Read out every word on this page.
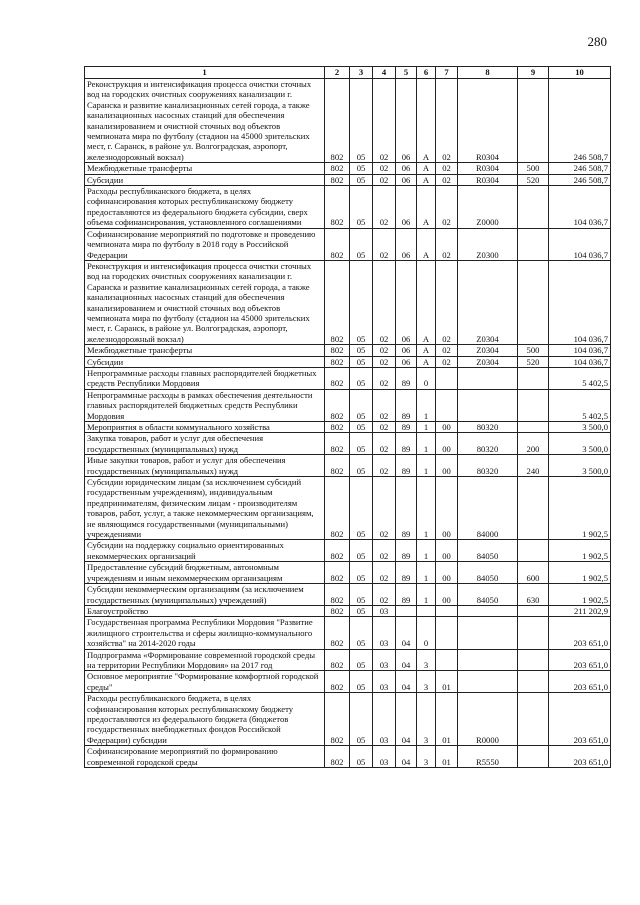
280
1	2	3	4	5	6	7	8	9	10
Реконструкция и интенсификация процесса очистки сточных вод на городских очистных сооружениях канализации г. Саранска и развитие канализационных сетей города, а также канализационных насосных станций для обеспечения канализированием и очистной сточных вод объектов чемпионата мира по футболу (стадион на 45000 зрительских мест, г. Саранск, в районе ул. Волгоградская, аэропорт, железнодорожный вокзал)	802	05	02	06	А	02	R0304		246 508,7
Межбюджетные трансферты	802	05	02	06	А	02	R0304	500	246 508,7
Субсидии	802	05	02	06	А	02	R0304	520	246 508,7
Расходы республиканского бюджета, в целях софинансирования которых республиканскому бюджету предоставляются из федерального бюджета субсидии, сверх объема софинансирования, установленного соглашениями	802	05	02	06	А	02	Z0000		104 036,7
Софинансирование мероприятий по подготовке и проведению чемпионата мира по футболу в 2018 году в Российской Федерации	802	05	02	06	А	02	Z0300		104 036,7
Реконструкция и интенсификация процесса очистки сточных вод на городских очистных сооружениях канализации г. Саранска и развитие канализационных сетей города, а также канализационных насосных станций для обеспечения канализированием и очистной сточных вод объектов чемпионата мира по футболу (стадион на 45000 зрительских мест, г. Саранск, в районе ул. Волгоградская, аэропорт, железнодорожный вокзал)	802	05	02	06	А	02	Z0304		104 036,7
Межбюджетные трансферты	802	05	02	06	А	02	Z0304	500	104 036,7
Субсидии	802	05	02	06	А	02	Z0304	520	104 036,7
Непрограммные расходы главных распорядителей бюджетных средств Республики Мордовия	802	05	02	89	0				5 402,5
Непрограммные расходы в рамках обеспечения деятельности главных распорядителей бюджетных средств Республики Мордовия	802	05	02	89	1				5 402,5
Мероприятия в области коммунального хозяйства	802	05	02	89	1	00	80320		3 500,0
Закупка товаров, работ и услуг для обеспечения государственных (муниципальных) нужд	802	05	02	89	1	00	80320	200	3 500,0
Иные закупки товаров, работ и услуг для обеспечения государственных (муниципальных) нужд	802	05	02	89	1	00	80320	240	3 500,0
Субсидии юридическим лицам (за исключением субсидий государственным учреждениям), индивидуальным предпринимателям, физическим лицам - производителям товаров, работ, услуг, а также некоммерческим организациям, не являющимся государственными (муниципальными) учреждениями	802	05	02	89	1	00	84000		1 902,5
Субсидии на поддержку социально ориентированных некоммерческих организаций	802	05	02	89	1	00	84050		1 902,5
Предоставление субсидий бюджетным, автономным учреждениям и иным некоммерческим организациям	802	05	02	89	1	00	84050	600	1 902,5
Субсидии некоммерческим организациям (за исключением государственных (муниципальных) учреждений)	802	05	02	89	1	00	84050	630	1 902,5
Благоустройство	802	05	03						211 202,9
Государственная программа Республики Мордовия "Развитие жилищного строительства и сферы жилищно-коммунального хозяйства" на 2014-2020 годы	802	05	03	04	0				203 651,0
Подпрограмма «Формирование современной городской среды на территории Республики Мордовия» на 2017 год	802	05	03	04	3				203 651,0
Основное мероприятие "Формирование комфортной городской среды"	802	05	03	04	3	01			203 651,0
Расходы республиканского бюджета, в целях софинансирования которых республиканскому бюджету предоставляются из федерального бюджета (бюджетов государственных внебюджетных фондов Российской Федерации) субсидии	802	05	03	04	3	01	R0000		203 651,0
Софинансирование мероприятий по формированию современной городской среды	802	05	03	04	3	01	R5550		203 651,0
